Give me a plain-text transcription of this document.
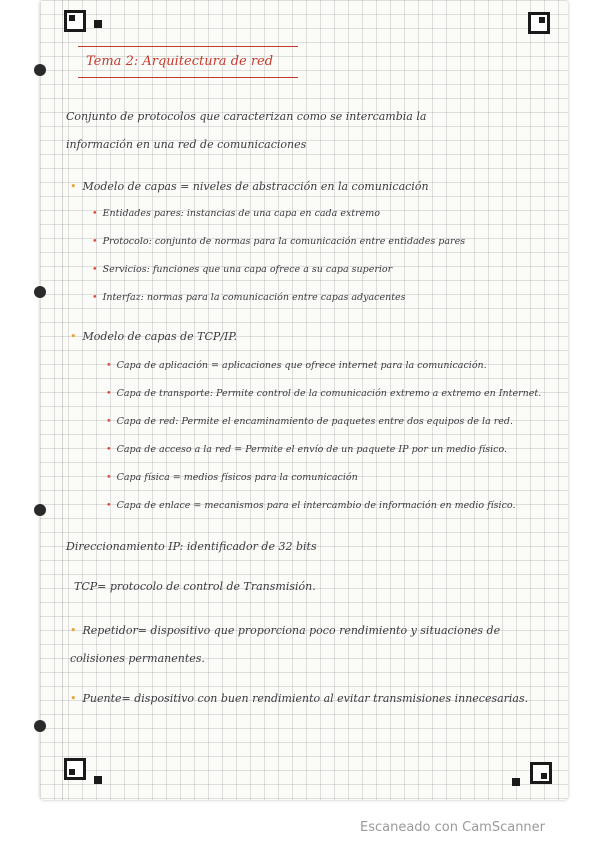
Tema 2: Arquitectura de red
Conjunto de protocolos que caracterizan como se intercambia la
información en una red de comunicaciones
• Modelo de capas = niveles de abstracción en la comunicación
• Entidades pares: instancias de una capa en cada extremo
• Protocolo: conjunto de normas para la comunicación entre entidades pares
• Servicios: funciones que una capa ofrece a su capa superior
• Interfaz: normas para la comunicación entre capas adyacentes
• Modelo de capas de TCP/IP.
• Capa de aplicación = aplicaciones que ofrece internet para la comunicación.
• Capa de transporte: Permite control de la comunicación extremo a extremo en Internet.
• Capa de red: Permite el encaminamiento de paquetes entre dos equipos de la red.
• Capa de acceso a la red = Permite el envío de un paquete IP por un medio físico.
• Capa física = medios físicos para la comunicación
• Capa de enlace = mecanismos para el intercambio de información en medio físico.
Direccionamiento IP: identificador de 32 bits
TCP= protocolo de control de Transmisión.
• Repetidor= dispositivo que proporciona poco rendimiento y situaciones de
colisiones permanentes.
• Puente= dispositivo con buen rendimiento al evitar transmisiones innecesarias.
Escaneado con CamScanner
